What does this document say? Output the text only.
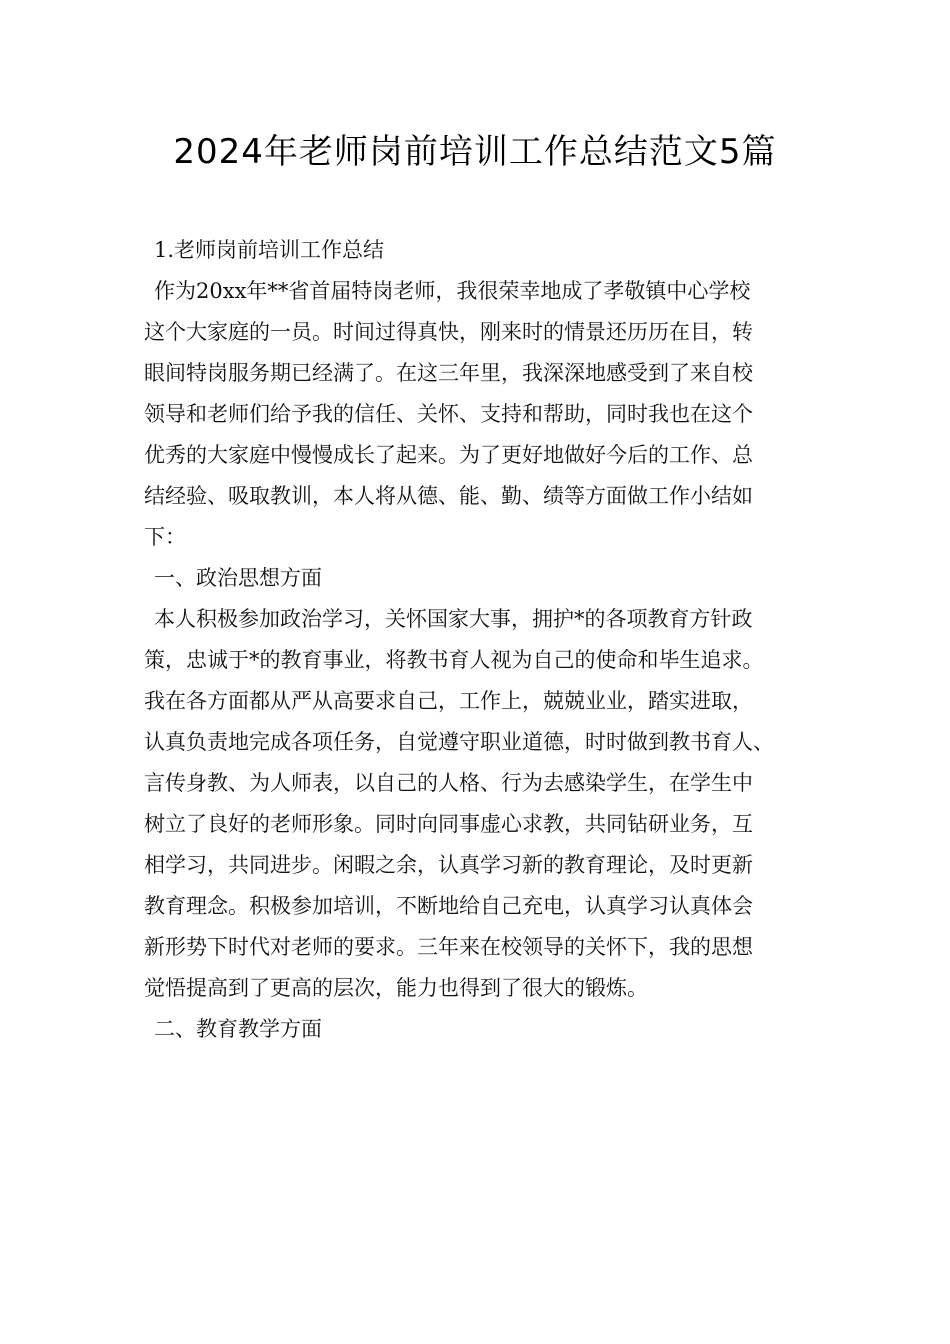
2024年老师岗前培训工作总结范文5篇
1.老师岗前培训工作总结
作为20xx年**省首届特岗老师，我很荣幸地成了孝敬镇中心学校
这个大家庭的一员。时间过得真快，刚来时的情景还历历在目，转
眼间特岗服务期已经满了。在这三年里，我深深地感受到了来自校
领导和老师们给予我的信任、关怀、支持和帮助，同时我也在这个
优秀的大家庭中慢慢成长了起来。为了更好地做好今后的工作、总
结经验、吸取教训，本人将从德、能、勤、绩等方面做工作小结如
下：
一、政治思想方面
本人积极参加政治学习，关怀国家大事，拥护*的各项教育方针政
策，忠诚于*的教育事业，将教书育人视为自己的使命和毕生追求。
我在各方面都从严从高要求自己，工作上，兢兢业业，踏实进取，
认真负责地完成各项任务，自觉遵守职业道德，时时做到教书育人、
言传身教、为人师表，以自己的人格、行为去感染学生，在学生中
树立了良好的老师形象。同时向同事虚心求教，共同钻研业务，互
相学习，共同进步。闲暇之余，认真学习新的教育理论，及时更新
教育理念。积极参加培训，不断地给自己充电，认真学习认真体会
新形势下时代对老师的要求。三年来在校领导的关怀下，我的思想
觉悟提高到了更高的层次，能力也得到了很大的锻炼。
二、教育教学方面
